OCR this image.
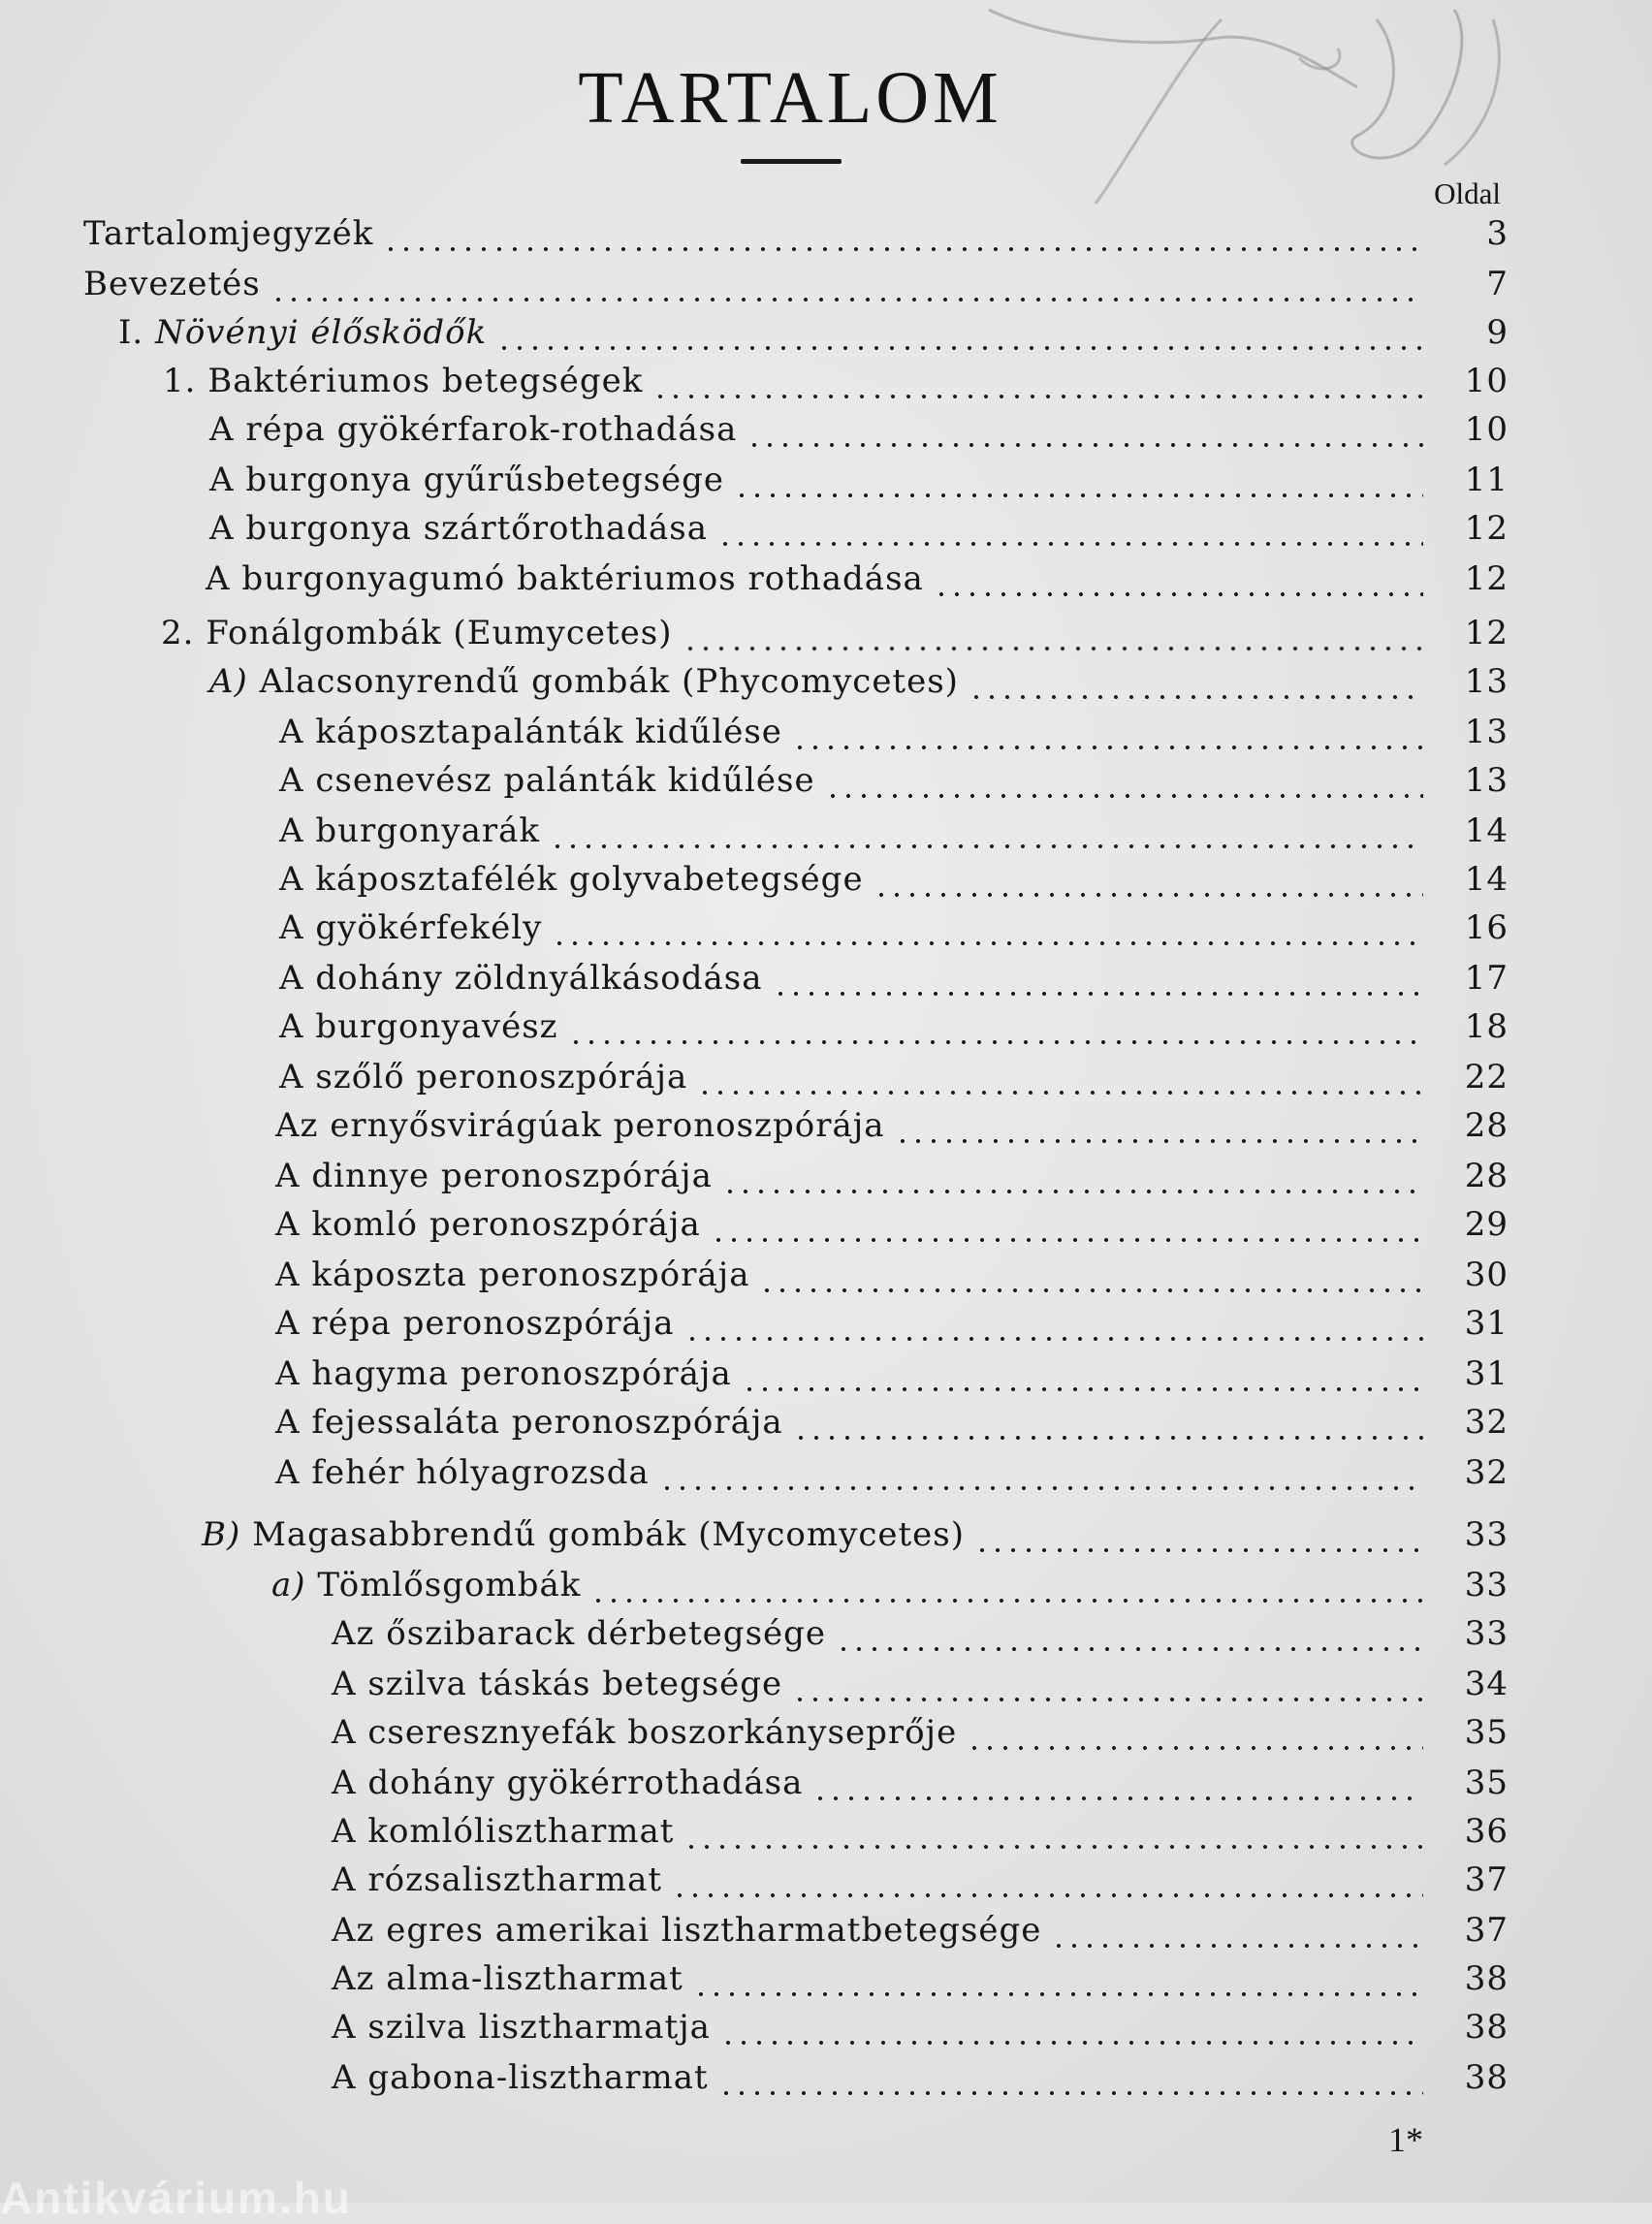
TARTALOM
Oldal
Tartalomjegyzék	3
Bevezetés	7
I. Növényi élősködők	9
1. Baktériumos betegségek	10
A répa gyökérfarok-rothadása	10
A burgonya gyűrűsbetegsége	11
A burgonya szártőrothadása	12
A burgonyagumó baktériumos rothadása	12
2. Fonálgombák (Eumycetes)	12
A) Alacsonyrendű gombák (Phycomycetes)	13
A káposztapalánták kidűlése	13
A csenevész palánták kidűlése	13
A burgonyarák	14
A káposztafélék golyvabetegsége	14
A gyökérfekély	16
A dohány zöldnyálkásodása	17
A burgonyavész	18
A szőlő peronoszpórája	22
Az ernyősvirágúak peronoszpórája	28
A dinnye peronoszpórája	28
A komló peronoszpórája	29
A káposzta peronoszpórája	30
A répa peronoszpórája	31
A hagyma peronoszpórája	31
A fejessaláta peronoszpórája	32
A fehér hólyagrozsda	32
B) Magasabbrendű gombák (Mycomycetes)	33
a) Tömlősgombák	33
Az őszibarack dérbetegsége	33
A szilva táskás betegsége	34
A cseresznyefák boszorkányseprője	35
A dohány gyökérrothadása	35
A komlólisztharmat	36
A rózsalisztharmat	37
Az egres amerikai lisztharmatbetegsége	37
Az alma-lisztharmat	38
A szilva lisztharmatja	38
A gabona-lisztharmat	38
1*
Antikvárium.hu
